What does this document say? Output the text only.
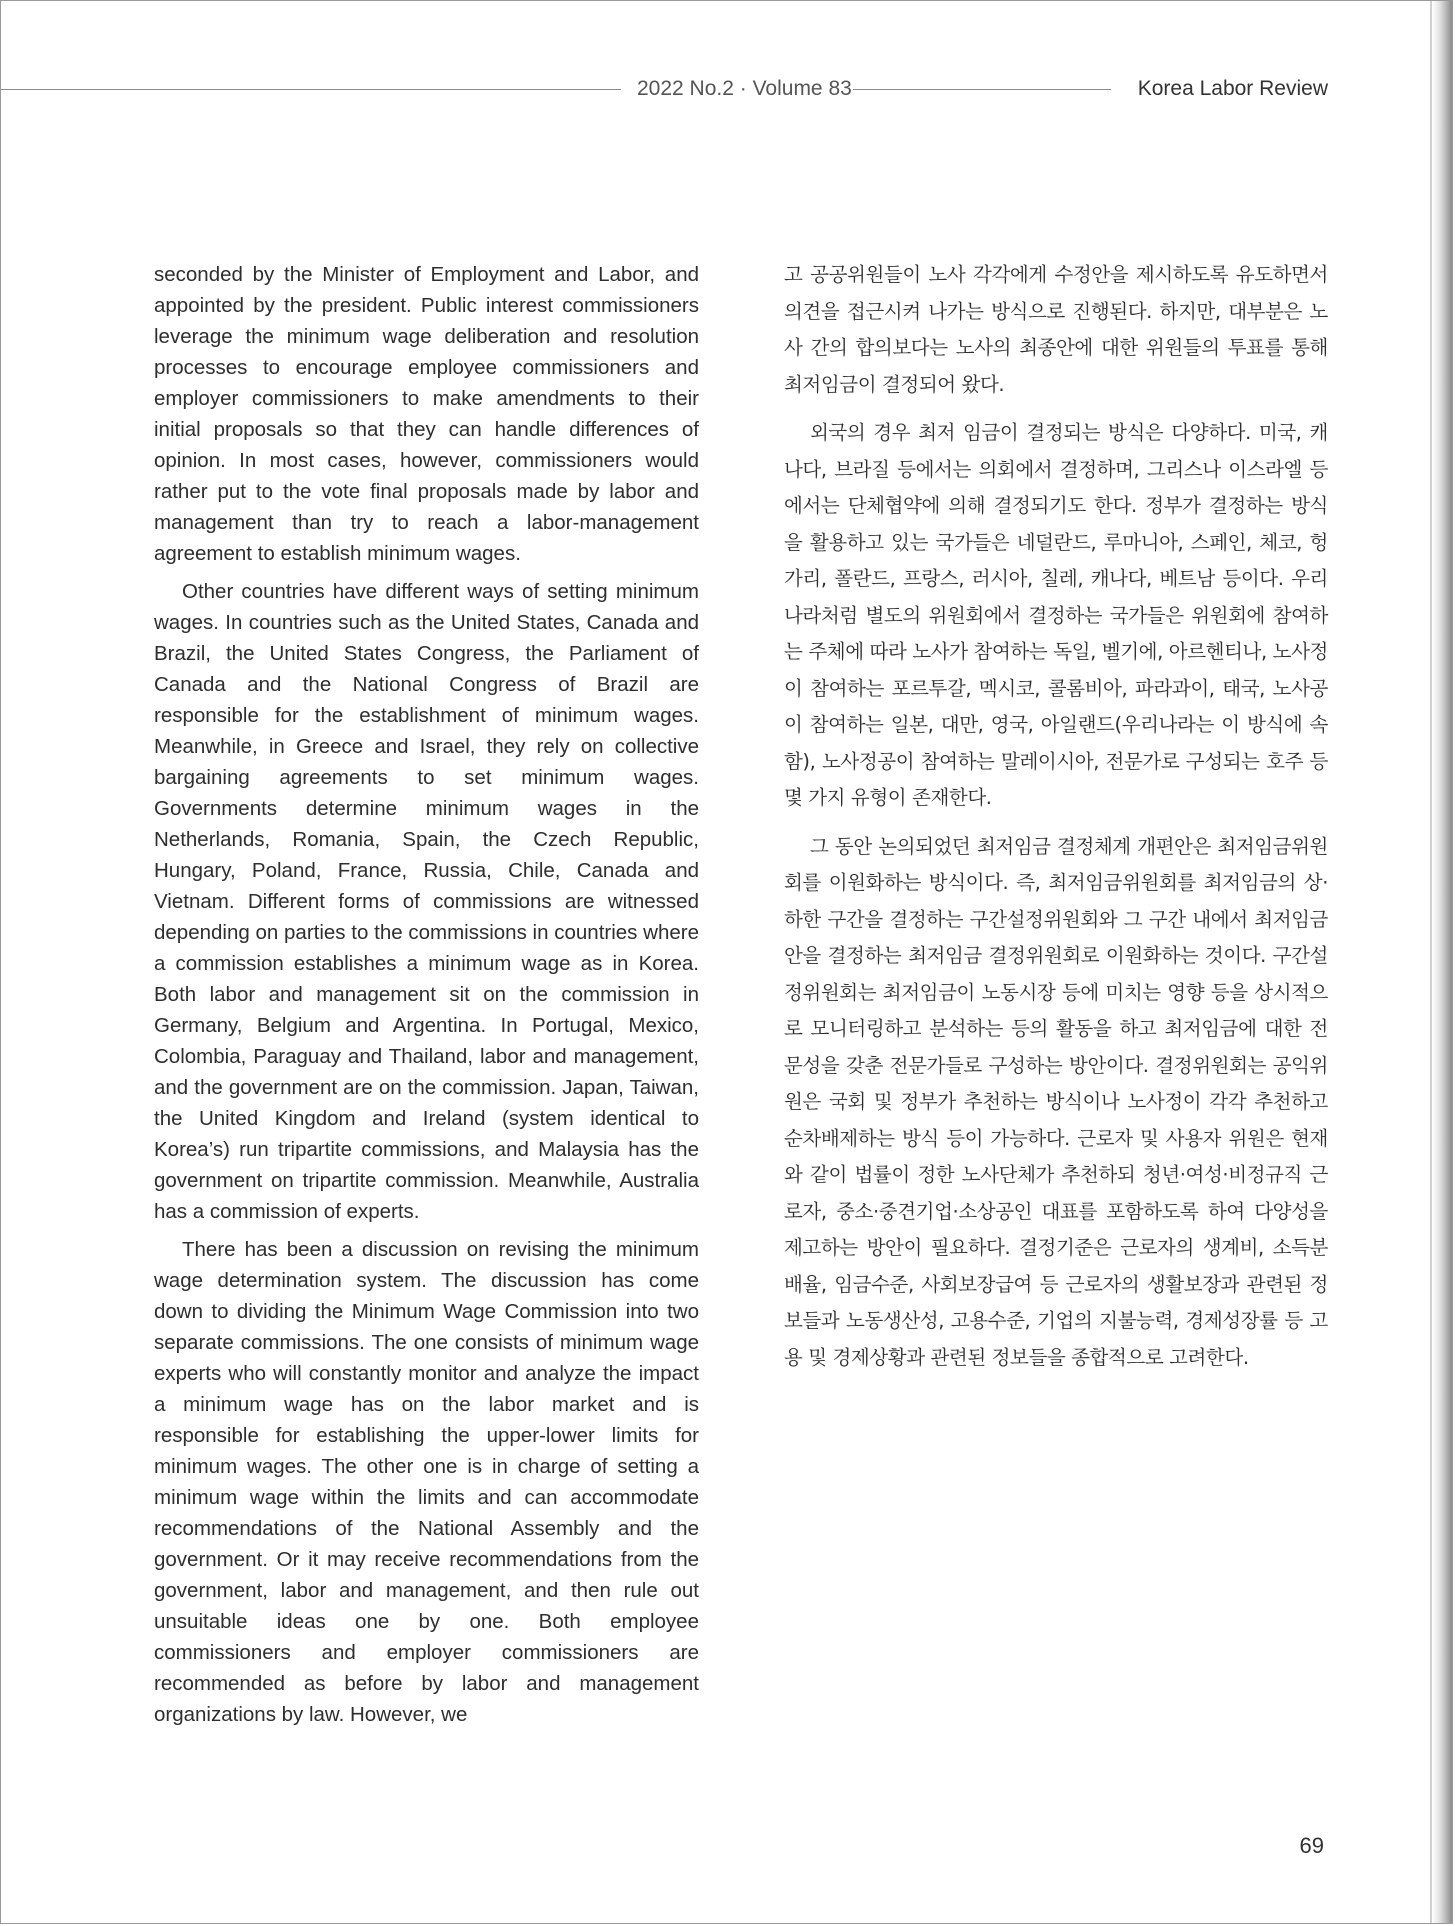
2022 No.2 · Volume 83	Korea Labor Review

seconded by the Minister of Employment and Labor, and appointed by the president. Public interest commissioners leverage the minimum wage deliberation and resolution processes to encourage employee commissioners and employer commissioners to make amendments to their initial proposals so that they can handle differences of opinion. In most cases, however, commissioners would rather put to the vote final proposals made by labor and management than try to reach a labor-management agreement to establish minimum wages.

Other countries have different ways of setting minimum wages. In countries such as the United States, Canada and Brazil, the United States Congress, the Parliament of Canada and the National Congress of Brazil are responsible for the establishment of minimum wages. Meanwhile, in Greece and Israel, they rely on collective bargaining agreements to set minimum wages. Governments determine minimum wages in the Netherlands, Romania, Spain, the Czech Republic, Hungary, Poland, France, Russia, Chile, Canada and Vietnam. Different forms of commissions are witnessed depending on parties to the commissions in countries where a commission establishes a minimum wage as in Korea. Both labor and management sit on the commission in Germany, Belgium and Argentina. In Portugal, Mexico, Colombia, Paraguay and Thailand, labor and management, and the government are on the commission. Japan, Taiwan, the United Kingdom and Ireland (system identical to Korea’s) run tripartite commissions, and Malaysia has the government on tripartite commission. Meanwhile, Australia has a commission of experts.

There has been a discussion on revising the minimum wage determination system. The discussion has come down to dividing the Minimum Wage Commission into two separate commissions. The one consists of minimum wage experts who will constantly monitor and analyze the impact a minimum wage has on the labor market and is responsible for establishing the upper-lower limits for minimum wages. The other one is in charge of setting a minimum wage within the limits and can accommodate recommendations of the National Assembly and the government. Or it may receive recommendations from the government, labor and management, and then rule out unsuitable ideas one by one. Both employee commissioners and employer commissioners are recommended as before by labor and management organizations by law. However, we

고 공공위원들이 노사 각각에게 수정안을 제시하도록 유도하면서 의견을 접근시켜 나가는 방식으로 진행된다. 하지만, 대부분은 노사 간의 합의보다는 노사의 최종안에 대한 위원들의 투표를 통해 최저임금이 결정되어 왔다.

외국의 경우 최저 임금이 결정되는 방식은 다양하다. 미국, 캐나다, 브라질 등에서는 의회에서 결정하며, 그리스나 이스라엘 등에서는 단체협약에 의해 결정되기도 한다. 정부가 결정하는 방식을 활용하고 있는 국가들은 네덜란드, 루마니아, 스페인, 체코, 헝가리, 폴란드, 프랑스, 러시아, 칠레, 캐나다, 베트남 등이다. 우리나라처럼 별도의 위원회에서 결정하는 국가들은 위원회에 참여하는 주체에 따라 노사가 참여하는 독일, 벨기에, 아르헨티나, 노사정이 참여하는 포르투갈, 멕시코, 콜롬비아, 파라과이, 태국, 노사공이 참여하는 일본, 대만, 영국, 아일랜드(우리나라는 이 방식에 속함), 노사정공이 참여하는 말레이시아, 전문가로 구성되는 호주 등 몇 가지 유형이 존재한다.

그 동안 논의되었던 최저임금 결정체계 개편안은 최저임금위원회를 이원화하는 방식이다. 즉, 최저임금위원회를 최저임금의 상·하한 구간을 결정하는 구간설정위원회와 그 구간 내에서 최저임금안을 결정하는 최저임금 결정위원회로 이원화하는 것이다. 구간설정위원회는 최저임금이 노동시장 등에 미치는 영향 등을 상시적으로 모니터링하고 분석하는 등의 활동을 하고 최저임금에 대한 전문성을 갖춘 전문가들로 구성하는 방안이다. 결정위원회는 공익위원은 국회 및 정부가 추천하는 방식이나 노사정이 각각 추천하고 순차배제하는 방식 등이 가능하다. 근로자 및 사용자 위원은 현재와 같이 법률이 정한 노사단체가 추천하되 청년·여성·비정규직 근로자, 중소·중견기업·소상공인 대표를 포함하도록 하여 다양성을 제고하는 방안이 필요하다. 결정기준은 근로자의 생계비, 소득분배율, 임금수준, 사회보장급여 등 근로자의 생활보장과 관련된 정보들과 노동생산성, 고용수준, 기업의 지불능력, 경제성장률 등 고용 및 경제상황과 관련된 정보들을 종합적으로 고려한다.

69
